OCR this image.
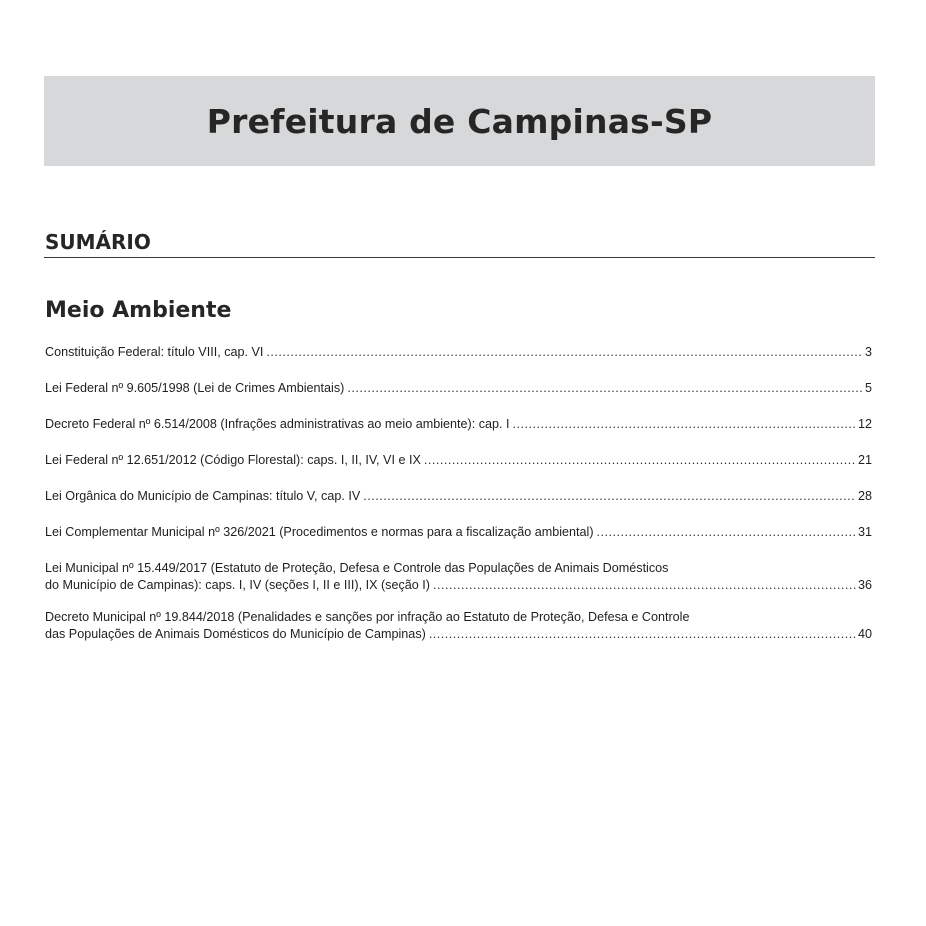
Prefeitura de Campinas-SP
SUMÁRIO
Meio Ambiente
Constituição Federal: título VIII, cap. VI .....	3
Lei Federal nº 9.605/1998 (Lei de Crimes Ambientais) .....	5
Decreto Federal nº 6.514/2008 (Infrações administrativas ao meio ambiente): cap. I .....	12
Lei Federal nº 12.651/2012 (Código Florestal): caps. I, II, IV, VI e IX .....	21
Lei Orgânica do Município de Campinas: título V, cap. IV .....	28
Lei Complementar Municipal nº 326/2021 (Procedimentos e normas para a fiscalização ambiental) .....	31
Lei Municipal nº 15.449/2017 (Estatuto de Proteção, Defesa e Controle das Populações de Animais Domésticos
do Município de Campinas): caps. I, IV (seções I, II e III), IX (seção I) .....	36
Decreto Municipal nº 19.844/2018 (Penalidades e sanções por infração ao Estatuto de Proteção, Defesa e Controle
das Populações de Animais Domésticos do Município de Campinas) .....	40
